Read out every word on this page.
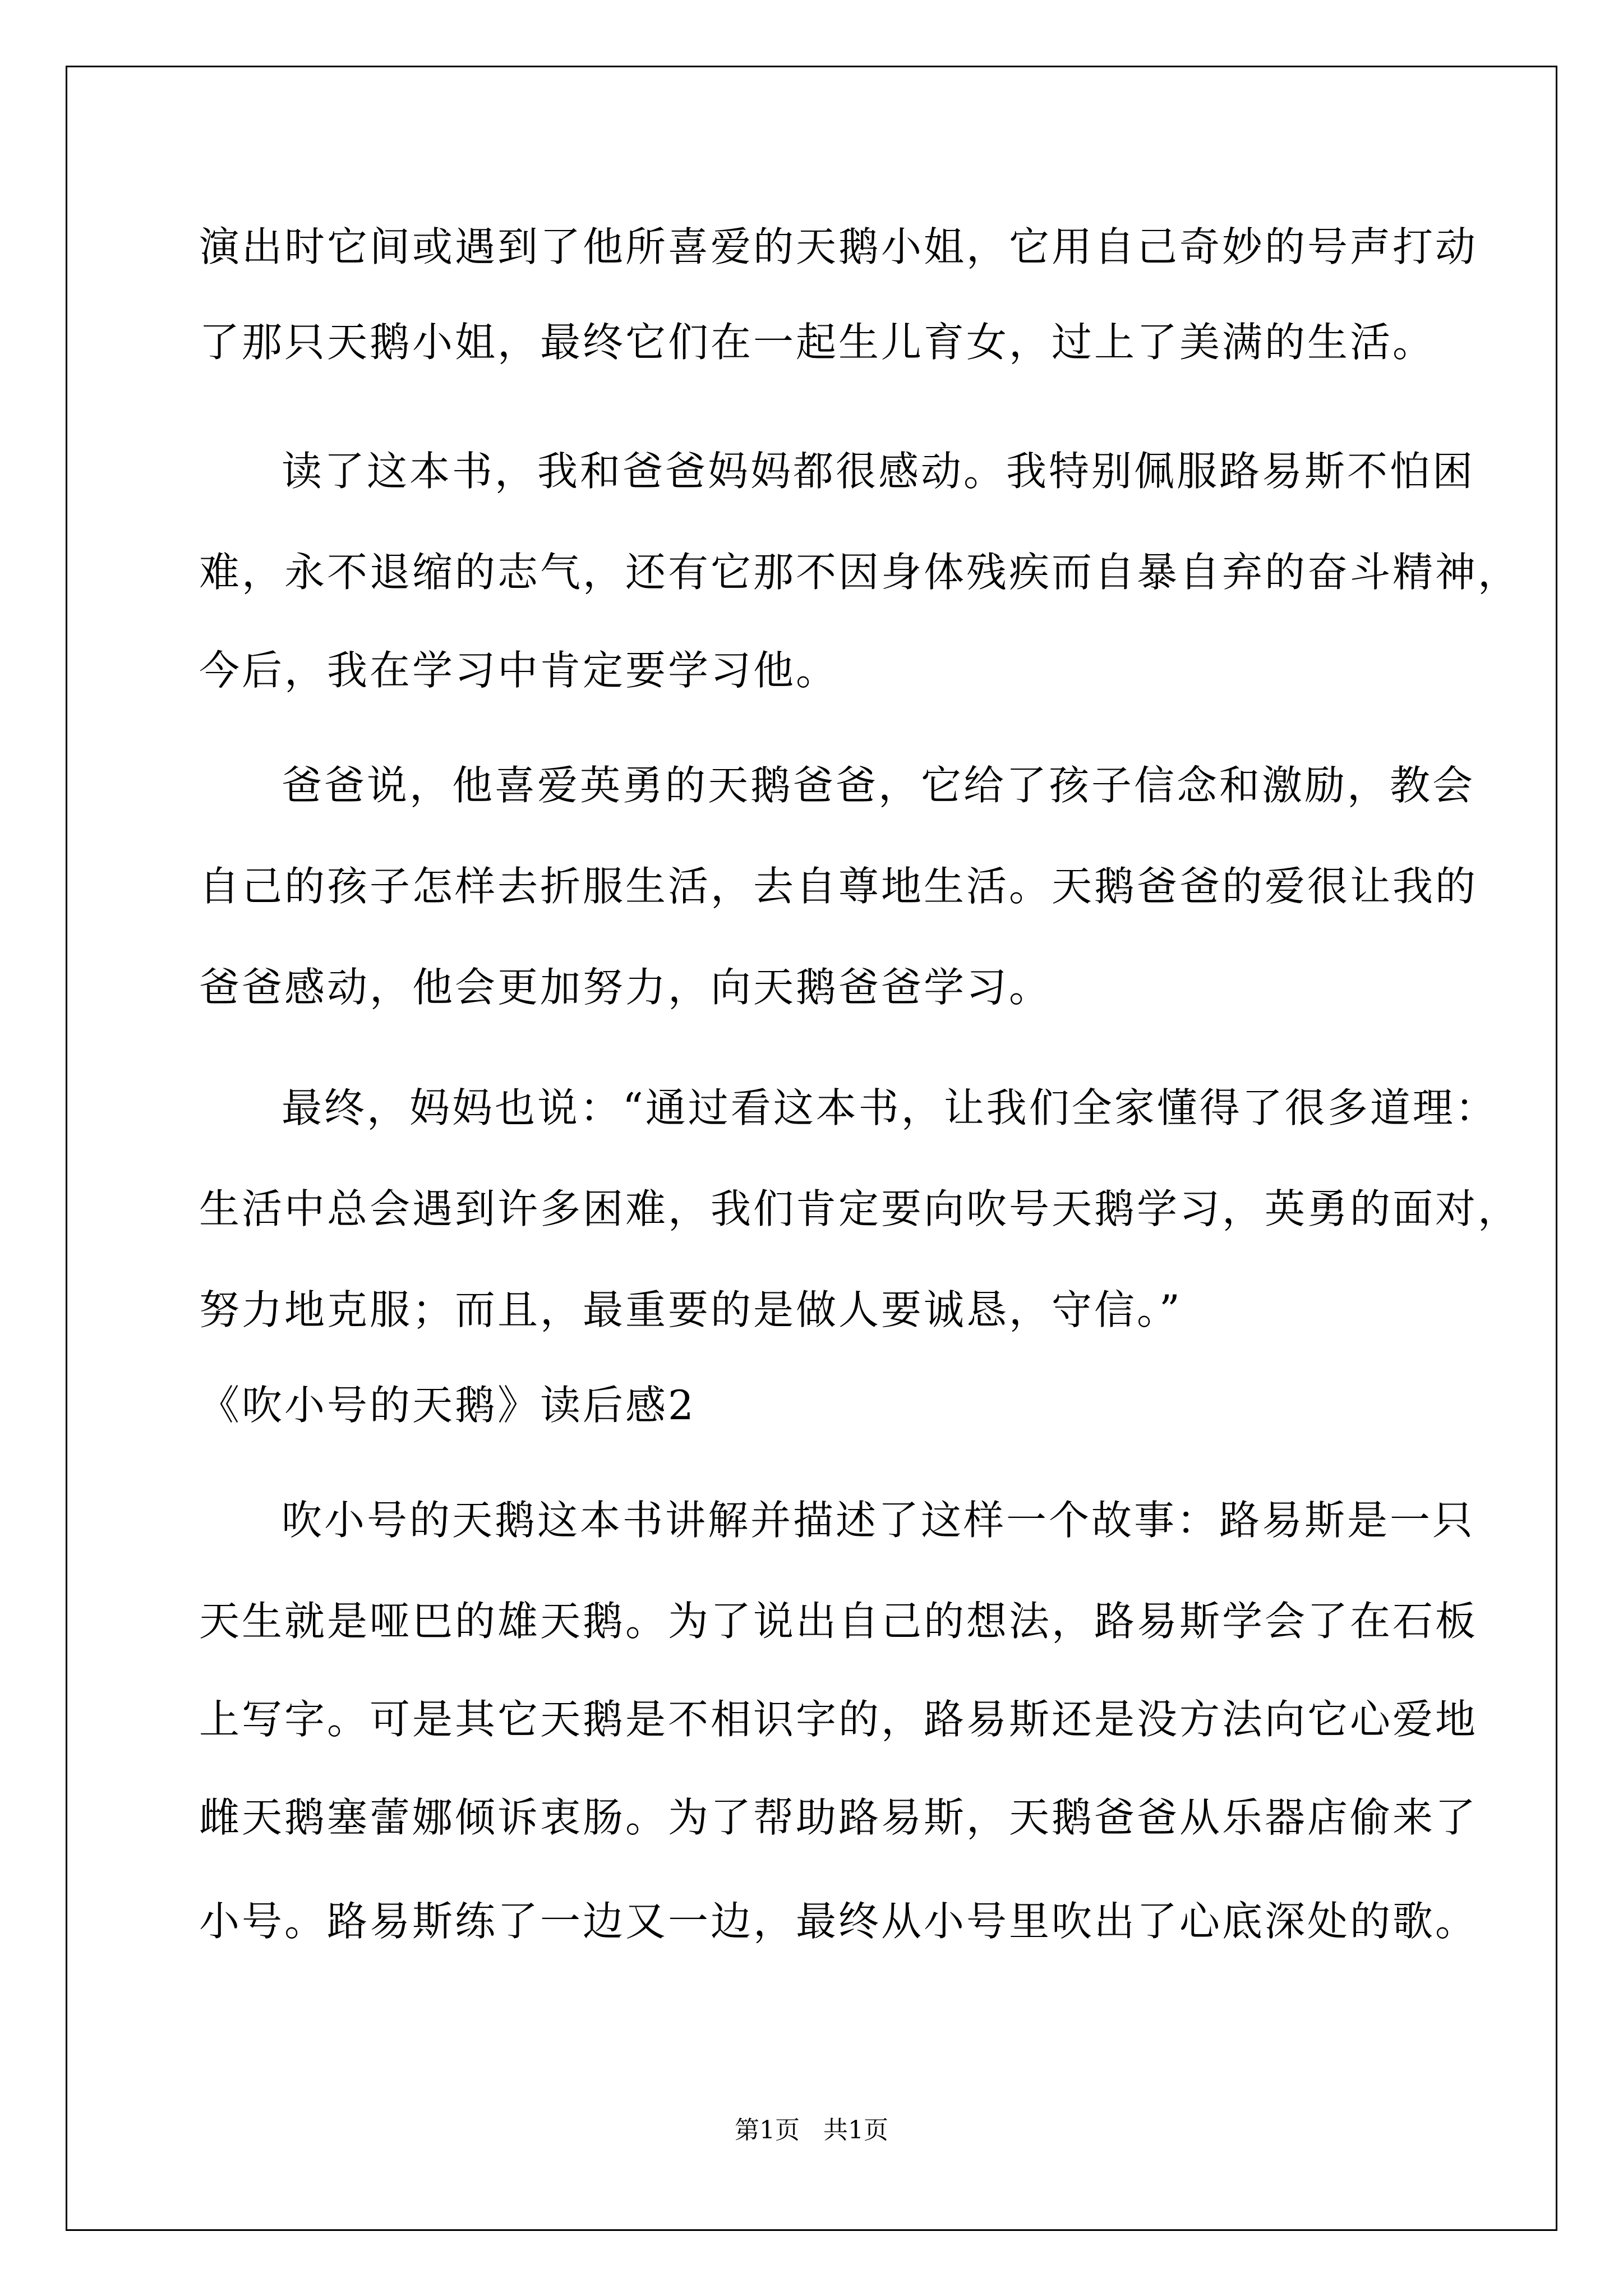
演出时它间或遇到了他所喜爱的天鹅小姐，它用自己奇妙的号声打动
了那只天鹅小姐，最终它们在一起生儿育女，过上了美满的生活。
读了这本书，我和爸爸妈妈都很感动。我特别佩服路易斯不怕困
难，永不退缩的志气，还有它那不因身体残疾而自暴自弃的奋斗精神，
今后，我在学习中肯定要学习他。
爸爸说，他喜爱英勇的天鹅爸爸，它给了孩子信念和激励，教会
自己的孩子怎样去折服生活，去自尊地生活。天鹅爸爸的爱很让我的
爸爸感动，他会更加努力，向天鹅爸爸学习。
最终，妈妈也说：“通过看这本书，让我们全家懂得了很多道理：
生活中总会遇到许多困难，我们肯定要向吹号天鹅学习，英勇的面对，
努力地克服；而且，最重要的是做人要诚恳，守信。”
《吹小号的天鹅》读后感2
吹小号的天鹅这本书讲解并描述了这样一个故事：路易斯是一只
天生就是哑巴的雄天鹅。为了说出自己的想法，路易斯学会了在石板
上写字。可是其它天鹅是不相识字的，路易斯还是没方法向它心爱地
雌天鹅塞蕾娜倾诉衷肠。为了帮助路易斯，天鹅爸爸从乐器店偷来了
小号。路易斯练了一边又一边，最终从小号里吹出了心底深处的歌。
第1页   共1页
